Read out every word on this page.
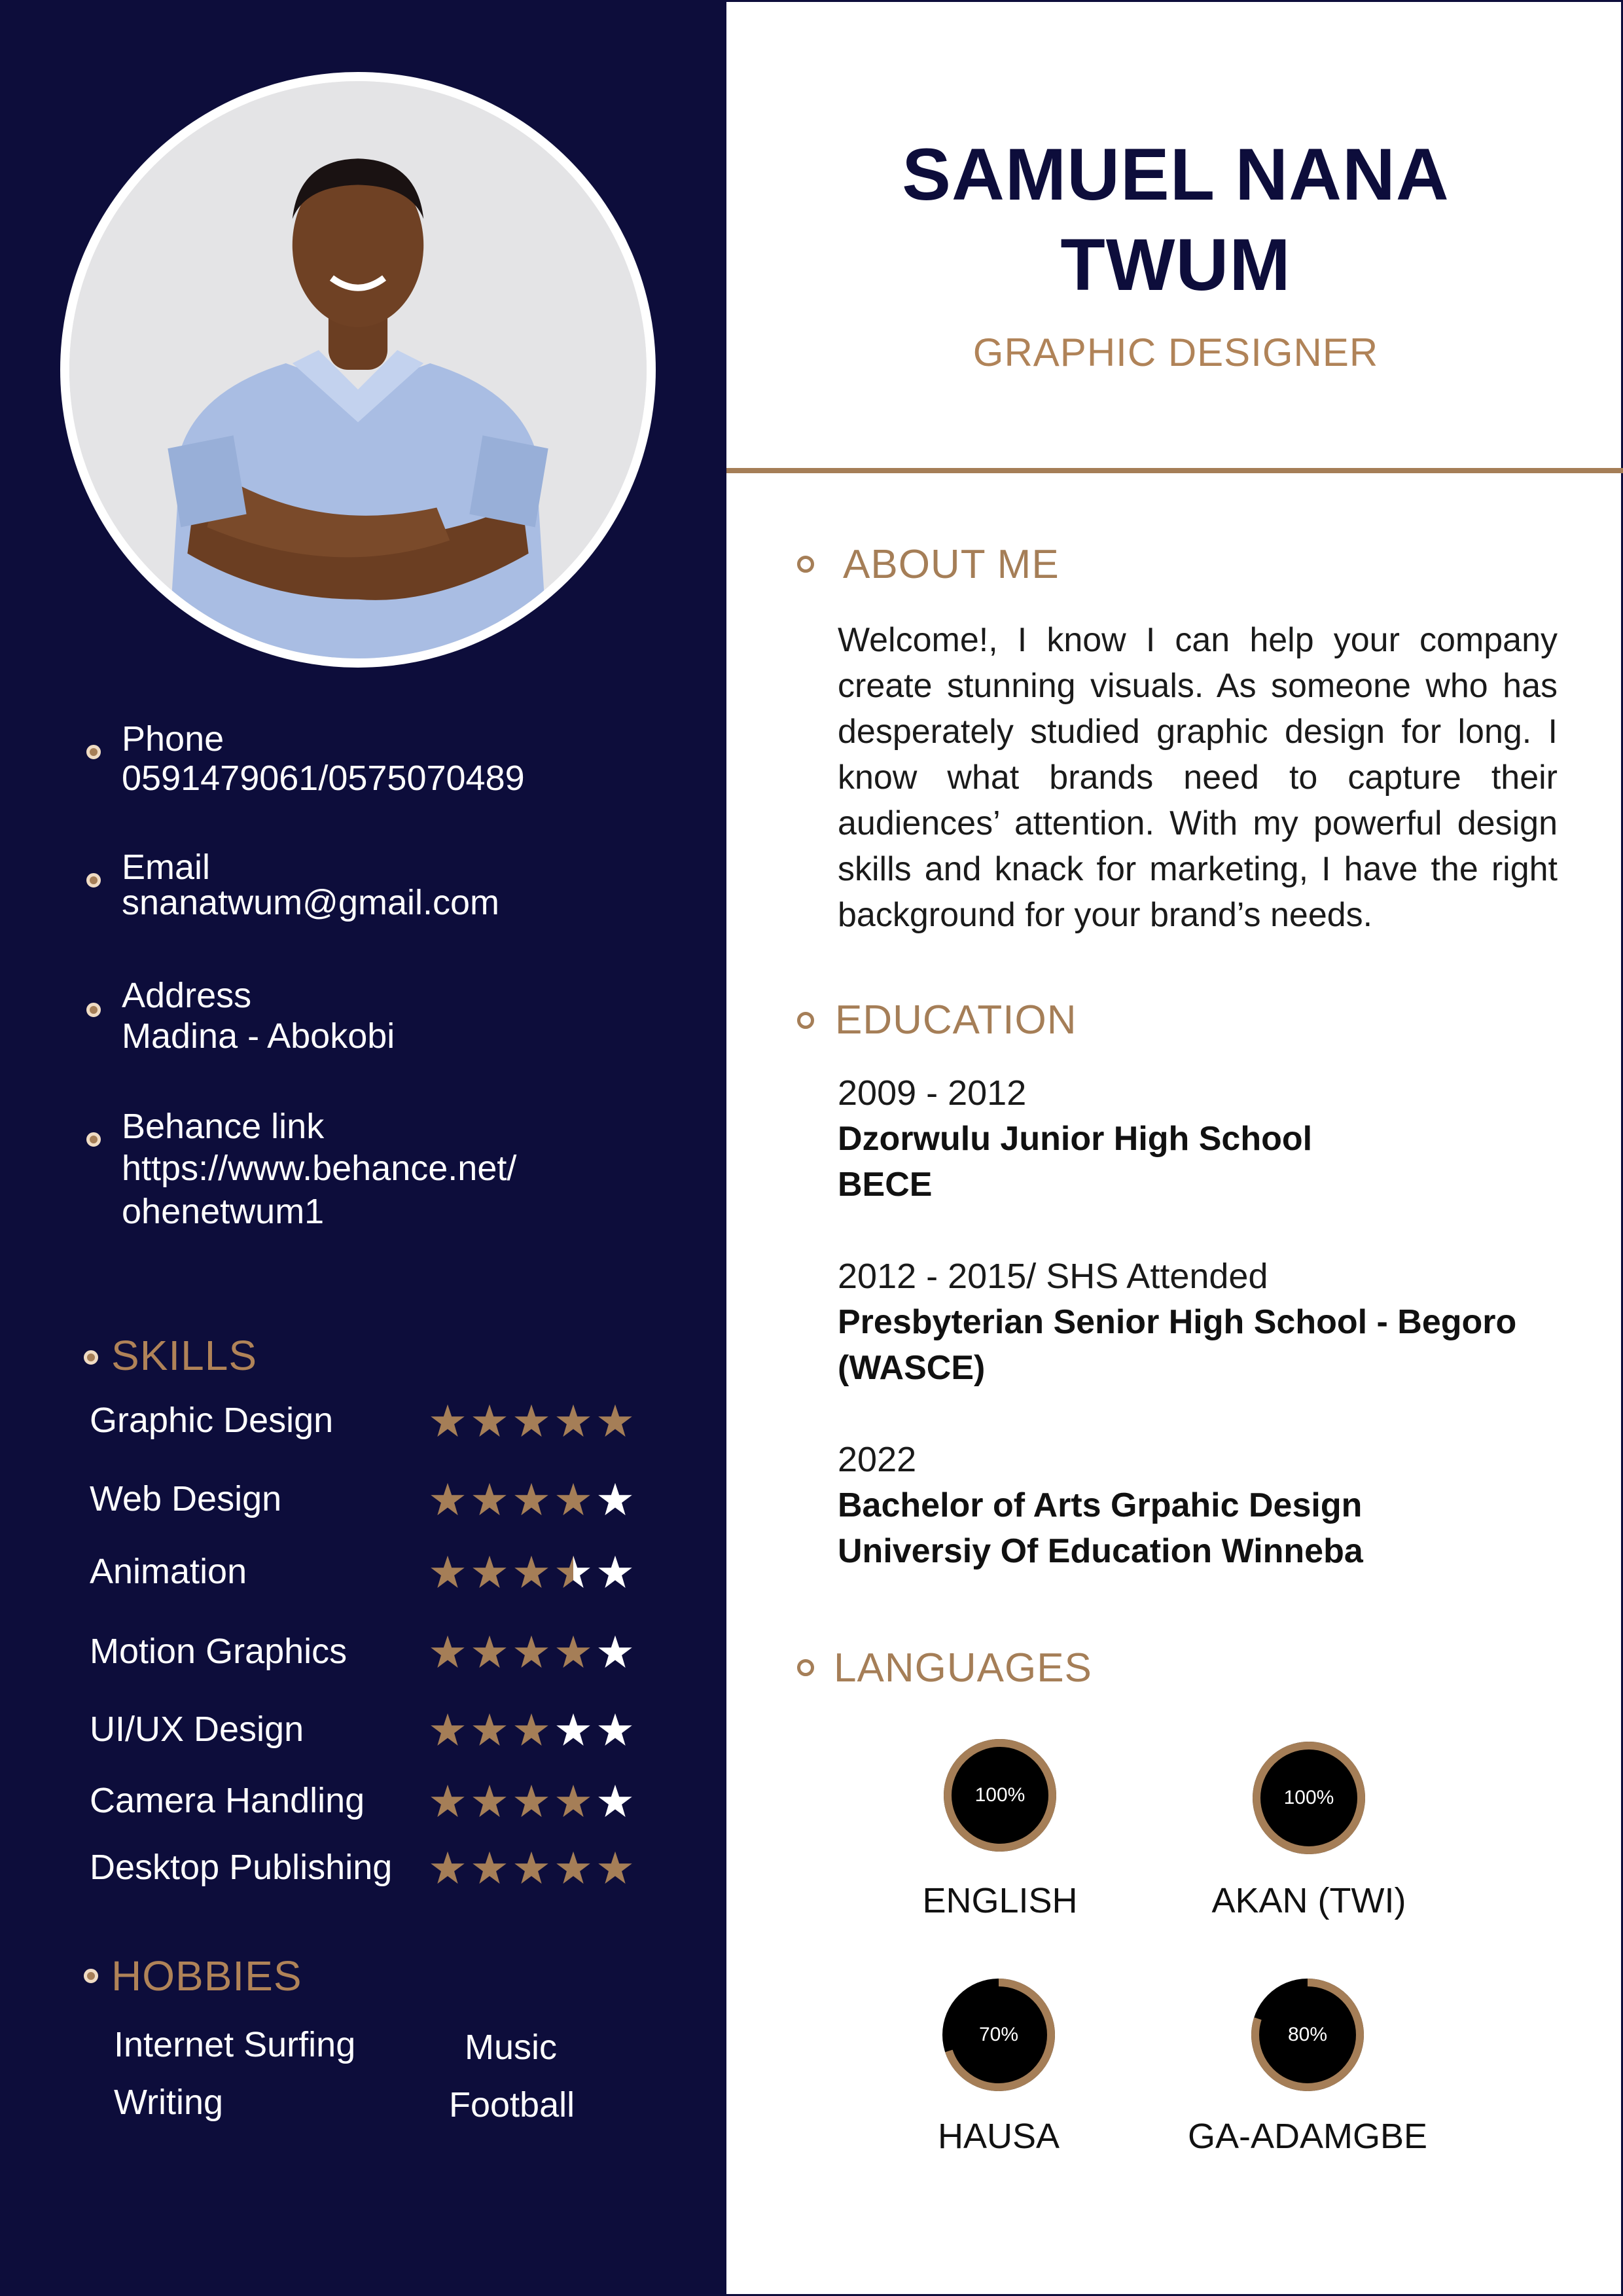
Phone
0591479061/0575070489
Email
snanatwum@gmail.com
Address
Madina - Abokobi
Behance link
https://www.behance.net/
ohenetwum1
SKILLS
Graphic Design
Web Design
Animation
Motion Graphics
UI/UX Design
Camera Handling
Desktop Publishing
HOBBIES
Internet Surfing	Music
Writing	Football
SAMUEL NANA
TWUM
GRAPHIC DESIGNER
ABOUT ME
Welcome!, I know I can help your company create stunning visuals. As someone who has desperately studied graphic design for long. I know what brands need to capture their audiences’ attention. With my powerful design skills and knack for marketing, I have the right background for your brand’s needs.
EDUCATION
2009 - 2012
Dzorwulu Junior High School
BECE
2012 - 2015/ SHS Attended
Presbyterian Senior High School - Begoro
(WASCE)
2022
Bachelor of Arts Grpahic Design
Universiy Of Education Winneba
LANGUAGES
100%
ENGLISH
100%
AKAN (TWI)
70%
HAUSA
80%
GA-ADAMGBE
